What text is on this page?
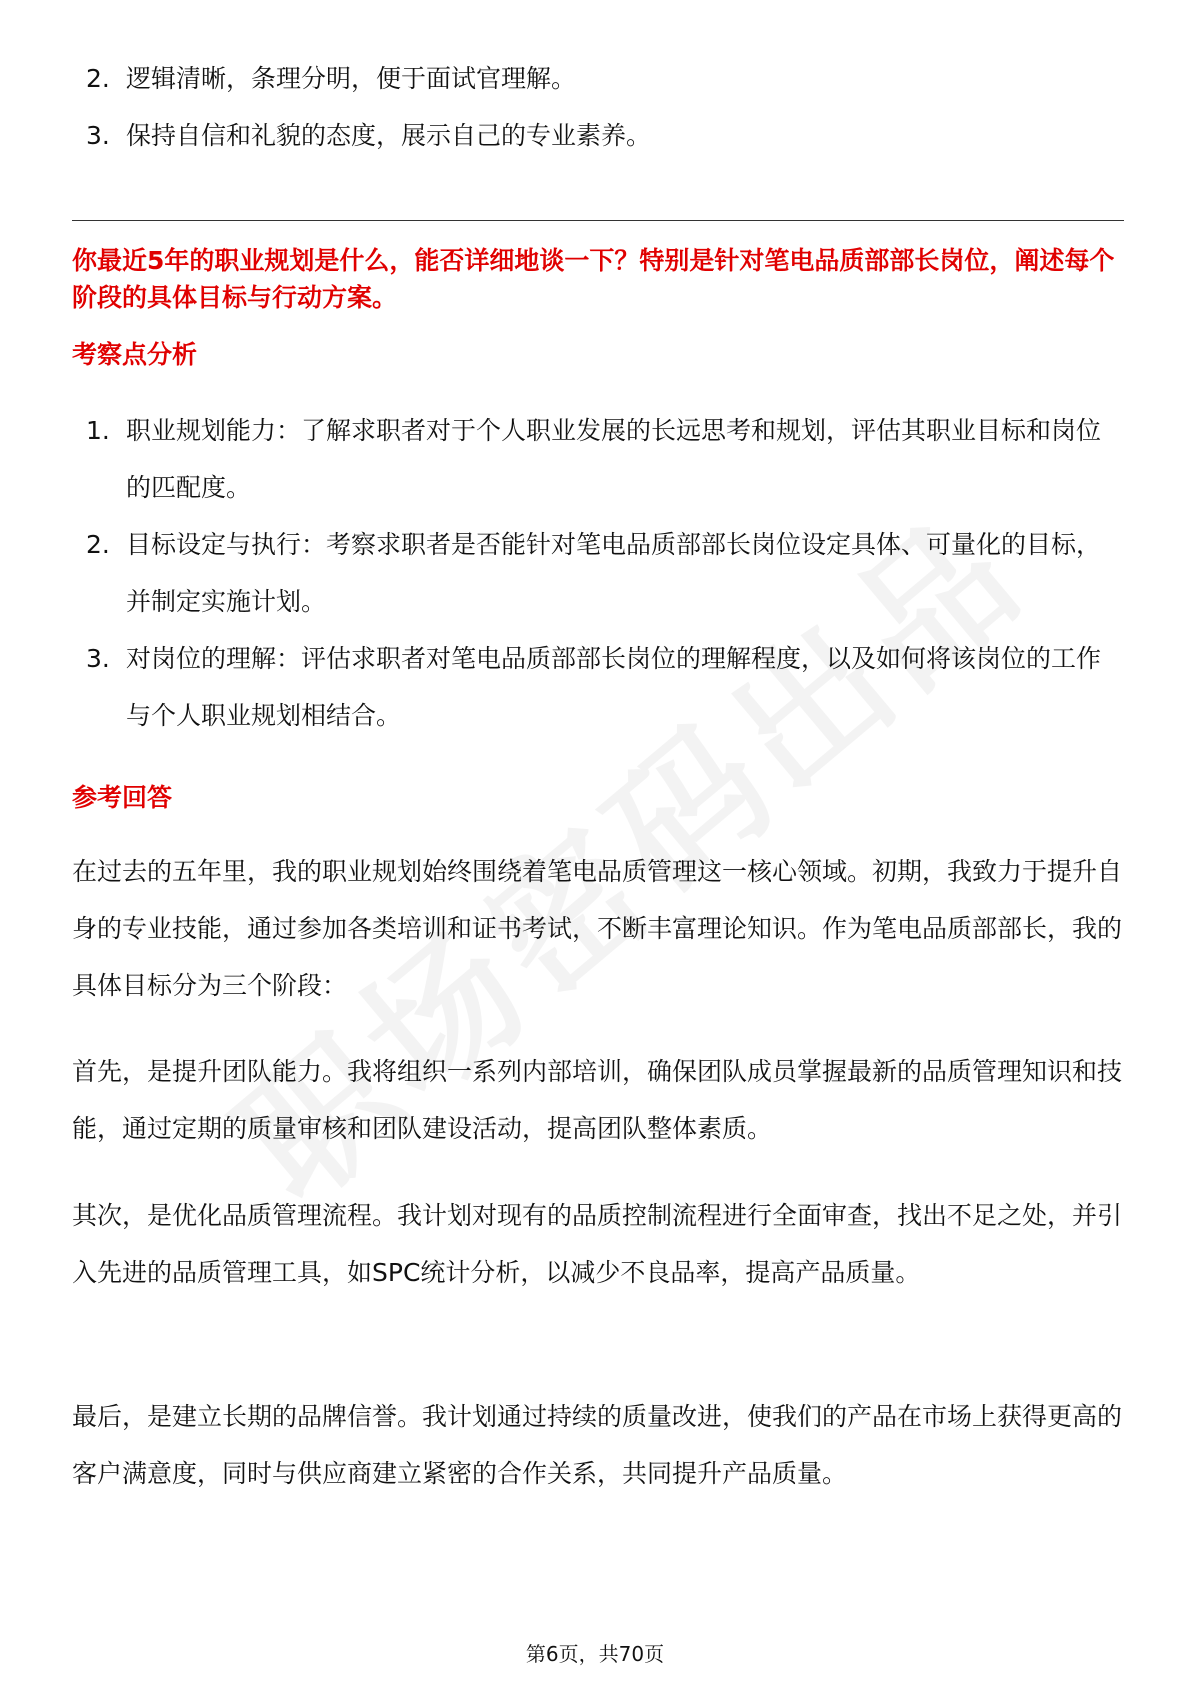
2. 逻辑清晰，条理分明，便于面试官理解。
3. 保持自信和礼貌的态度，展示自己的专业素养。

你最近5年的职业规划是什么，能否详细地谈一下？特别是针对笔电品质部部长岗位，阐述每个阶段的具体目标与行动方案。

考察点分析
1. 职业规划能力：了解求职者对于个人职业发展的长远思考和规划，评估其职业目标和岗位的匹配度。
2. 目标设定与执行：考察求职者是否能针对笔电品质部部长岗位设定具体、可量化的目标，并制定实施计划。
3. 对岗位的理解：评估求职者对笔电品质部部长岗位的理解程度，以及如何将该岗位的工作与个人职业规划相结合。
参考回答

在过去的五年里，我的职业规划始终围绕着笔电品质管理这一核心领域。初期，我致力于提升自身的专业技能，通过参加各类培训和证书考试，不断丰富理论知识。作为笔电品质部部长，我的具体目标分为三个阶段：

首先，是提升团队能力。我将组织一系列内部培训，确保团队成员掌握最新的品质管理知识和技能，通过定期的质量审核和团队建设活动，提高团队整体素质。

其次，是优化品质管理流程。我计划对现有的品质控制流程进行全面审查，找出不足之处，并引入先进的品质管理工具，如SPC统计分析，以减少不良品率，提高产品质量。

最后，是建立长期的品牌信誉。我计划通过持续的质量改进，使我们的产品在市场上获得更高的客户满意度，同时与供应商建立紧密的合作关系，共同提升产品质量。

第6页，共70页
